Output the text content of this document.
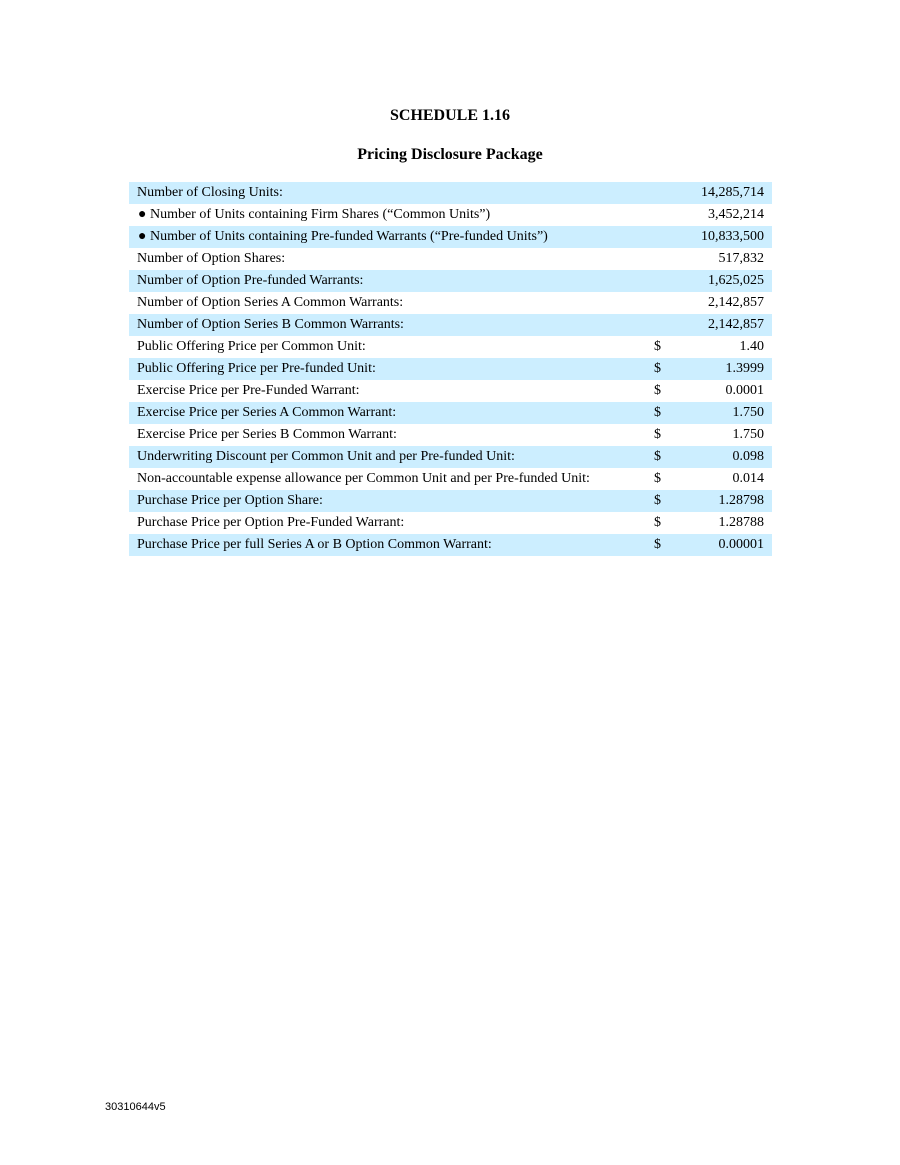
SCHEDULE 1.16
Pricing Disclosure Package
Number of Closing Units:	14,285,714
● Number of Units containing Firm Shares (“Common Units”)	3,452,214
● Number of Units containing Pre-funded Warrants (“Pre-funded Units”)	10,833,500
Number of Option Shares:	517,832
Number of Option Pre-funded Warrants:	1,625,025
Number of Option Series A Common Warrants:	2,142,857
Number of Option Series B Common Warrants:	2,142,857
Public Offering Price per Common Unit:	$	1.40
Public Offering Price per Pre-funded Unit:	$	1.3999
Exercise Price per Pre-Funded Warrant:	$	0.0001
Exercise Price per Series A Common Warrant:	$	1.750
Exercise Price per Series B Common Warrant:	$	1.750
Underwriting Discount per Common Unit and per Pre-funded Unit:	$	0.098
Non-accountable expense allowance per Common Unit and per Pre-funded Unit:	$	0.014
Purchase Price per Option Share:	$	1.28798
Purchase Price per Option Pre-Funded Warrant:	$	1.28788
Purchase Price per full Series A or B Option Common Warrant:	$	0.00001
30310644v5
